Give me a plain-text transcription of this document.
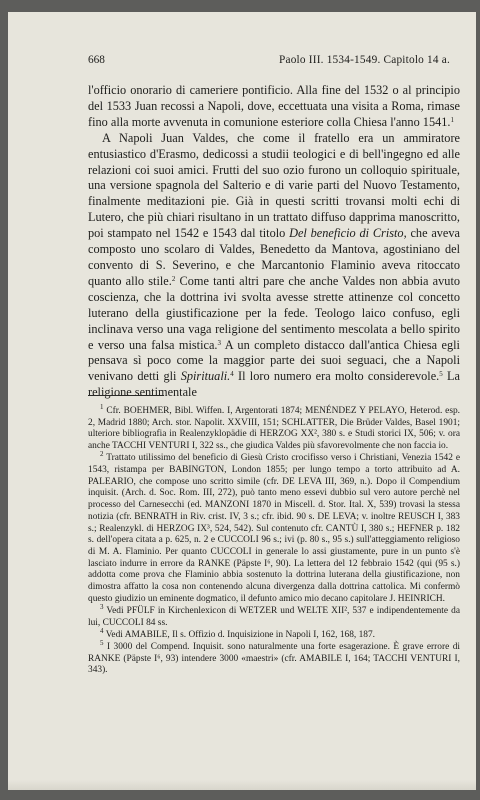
668	Paolo III. 1534-1549. Capitolo 14 a.

l'officio onorario di cameriere pontificio. Alla fine del 1532 o al principio del 1533 Juan recossi a Napoli, dove, eccettuata una visita a Roma, rimase fino alla morte avvenuta in comunione esteriore colla Chiesa l'anno 1541.$^1$

A Napoli Juan Valdes, che come il fratello era un ammiratore entusiastico d'Erasmo, dedicossi a studii teologici e di bell'ingegno ed alle relazioni coi suoi amici. Frutti del suo ozio furono un colloquio spirituale, una versione spagnola del Salterio e di varie parti del Nuovo Testamento, finalmente meditazioni pie. Già in questi scritti trovansi molti echi di Lutero, che più chiari risultano in un trattato diffuso dapprima manoscritto, poi stampato nel 1542 e 1543 dal titolo Del beneficio di Cristo, che aveva composto uno scolaro di Valdes, Benedetto da Mantova, agostiniano del convento di S. Severino, e che Marcantonio Flaminio aveva ritoccato quanto allo stile.$^2$ Come tanti altri pare che anche Valdes non abbia avuto coscienza, che la dottrina ivi svolta avesse strette attinenze col concetto luterano della giustificazione per la fede. Teologo laico confuso, egli inclinava verso una vaga religione del sentimento mescolata a bello spirito e verso una falsa mistica.$^3$ A un completo distacco dall'antica Chiesa egli pensava sì poco come la maggior parte dei suoi seguaci, che a Napoli venivano detti gli Spirituali.$^4$ Il loro numero era molto considerevole.$^5$ La religione sentimentale

$^1$ Cfr. BOEHMER, Bibl. Wiffen. I, Argentorati 1874; MENÉNDEZ Y PELAYO, Heterod. esp. 2, Madrid 1880; Arch. stor. Napolit. XXVIII, 151; SCHLATTER, Die Brüder Valdes, Basel 1901; ulteriore bibliografia in Realenzyklopädie di HERZOG XX², 380 s. e Studi storici IX, 506; v. ora anche TACCHI VENTURI I, 322 ss., che giudica Valdes più sfavorevolmente che non faccia io.

$^2$ Trattato utilissimo del beneficio di Giesù Cristo crocifisso verso i Christiani, Venezia 1542 e 1543, ristampa per BABINGTON, London 1855; per lungo tempo a torto attribuito ad A. PALEARIO, che compose uno scritto simile (cfr. DE LEVA III, 369, n.). Dopo il Compendium inquisit. (Arch. d. Soc. Rom. III, 272), può tanto meno essevi dubbio sul vero autore perchè nel processo del Carnesecchi (ed. MANZONI 1870 in Miscell. d. Stor. Ital. X, 539) trovasi la stessa notizia (cfr. BENRATH in Riv. crist. IV, 3 s.; cfr. ibid. 90 s. DE LEVA; v. inoltre REUSCH I, 383 s.; Realenzykl. di HERZOG IX³, 524, 542). Sul contenuto cfr. CANTÙ I, 380 s.; HEFNER p. 182 s. dell'opera citata a p. 625, n. 2 e CUCCOLI 96 s.; ivi (p. 80 s., 95 s.) sull'atteggiamento religioso di M. A. Flaminio. Per quanto CUCCOLI in generale lo assi giustamente, pure in un punto s'è lasciato indurre in errore da RANKE (Päpste I⁶, 90). La lettera del 12 febbraio 1542 (qui (95 s.) addotta come prova che Flaminio abbia sostenuto la dottrina luterana della giustificazione, non dimostra affatto la cosa non contenendo alcuna divergenza dalla dottrina cattolica. Mi confermò questo giudizio un eminente dogmatico, il defunto amico mio decano capitolare J. HEINRICH.

$^3$ Vedi PFÜLF in Kirchenlexicon di WETZER und WELTE XII², 537 e indipendentemente da lui, CUCCOLI 84 ss.

$^4$ Vedi AMABILE, Il s. Offizio d. Inquisizione in Napoli I, 162, 168, 187.

$^5$ I 3000 del Compend. Inquisit. sono naturalmente una forte esagerazione. È grave errore di RANKE (Päpste I⁶, 93) intendere 3000 «maestri» (cfr. AMABILE I, 164; TACCHI VENTURI I, 343).
